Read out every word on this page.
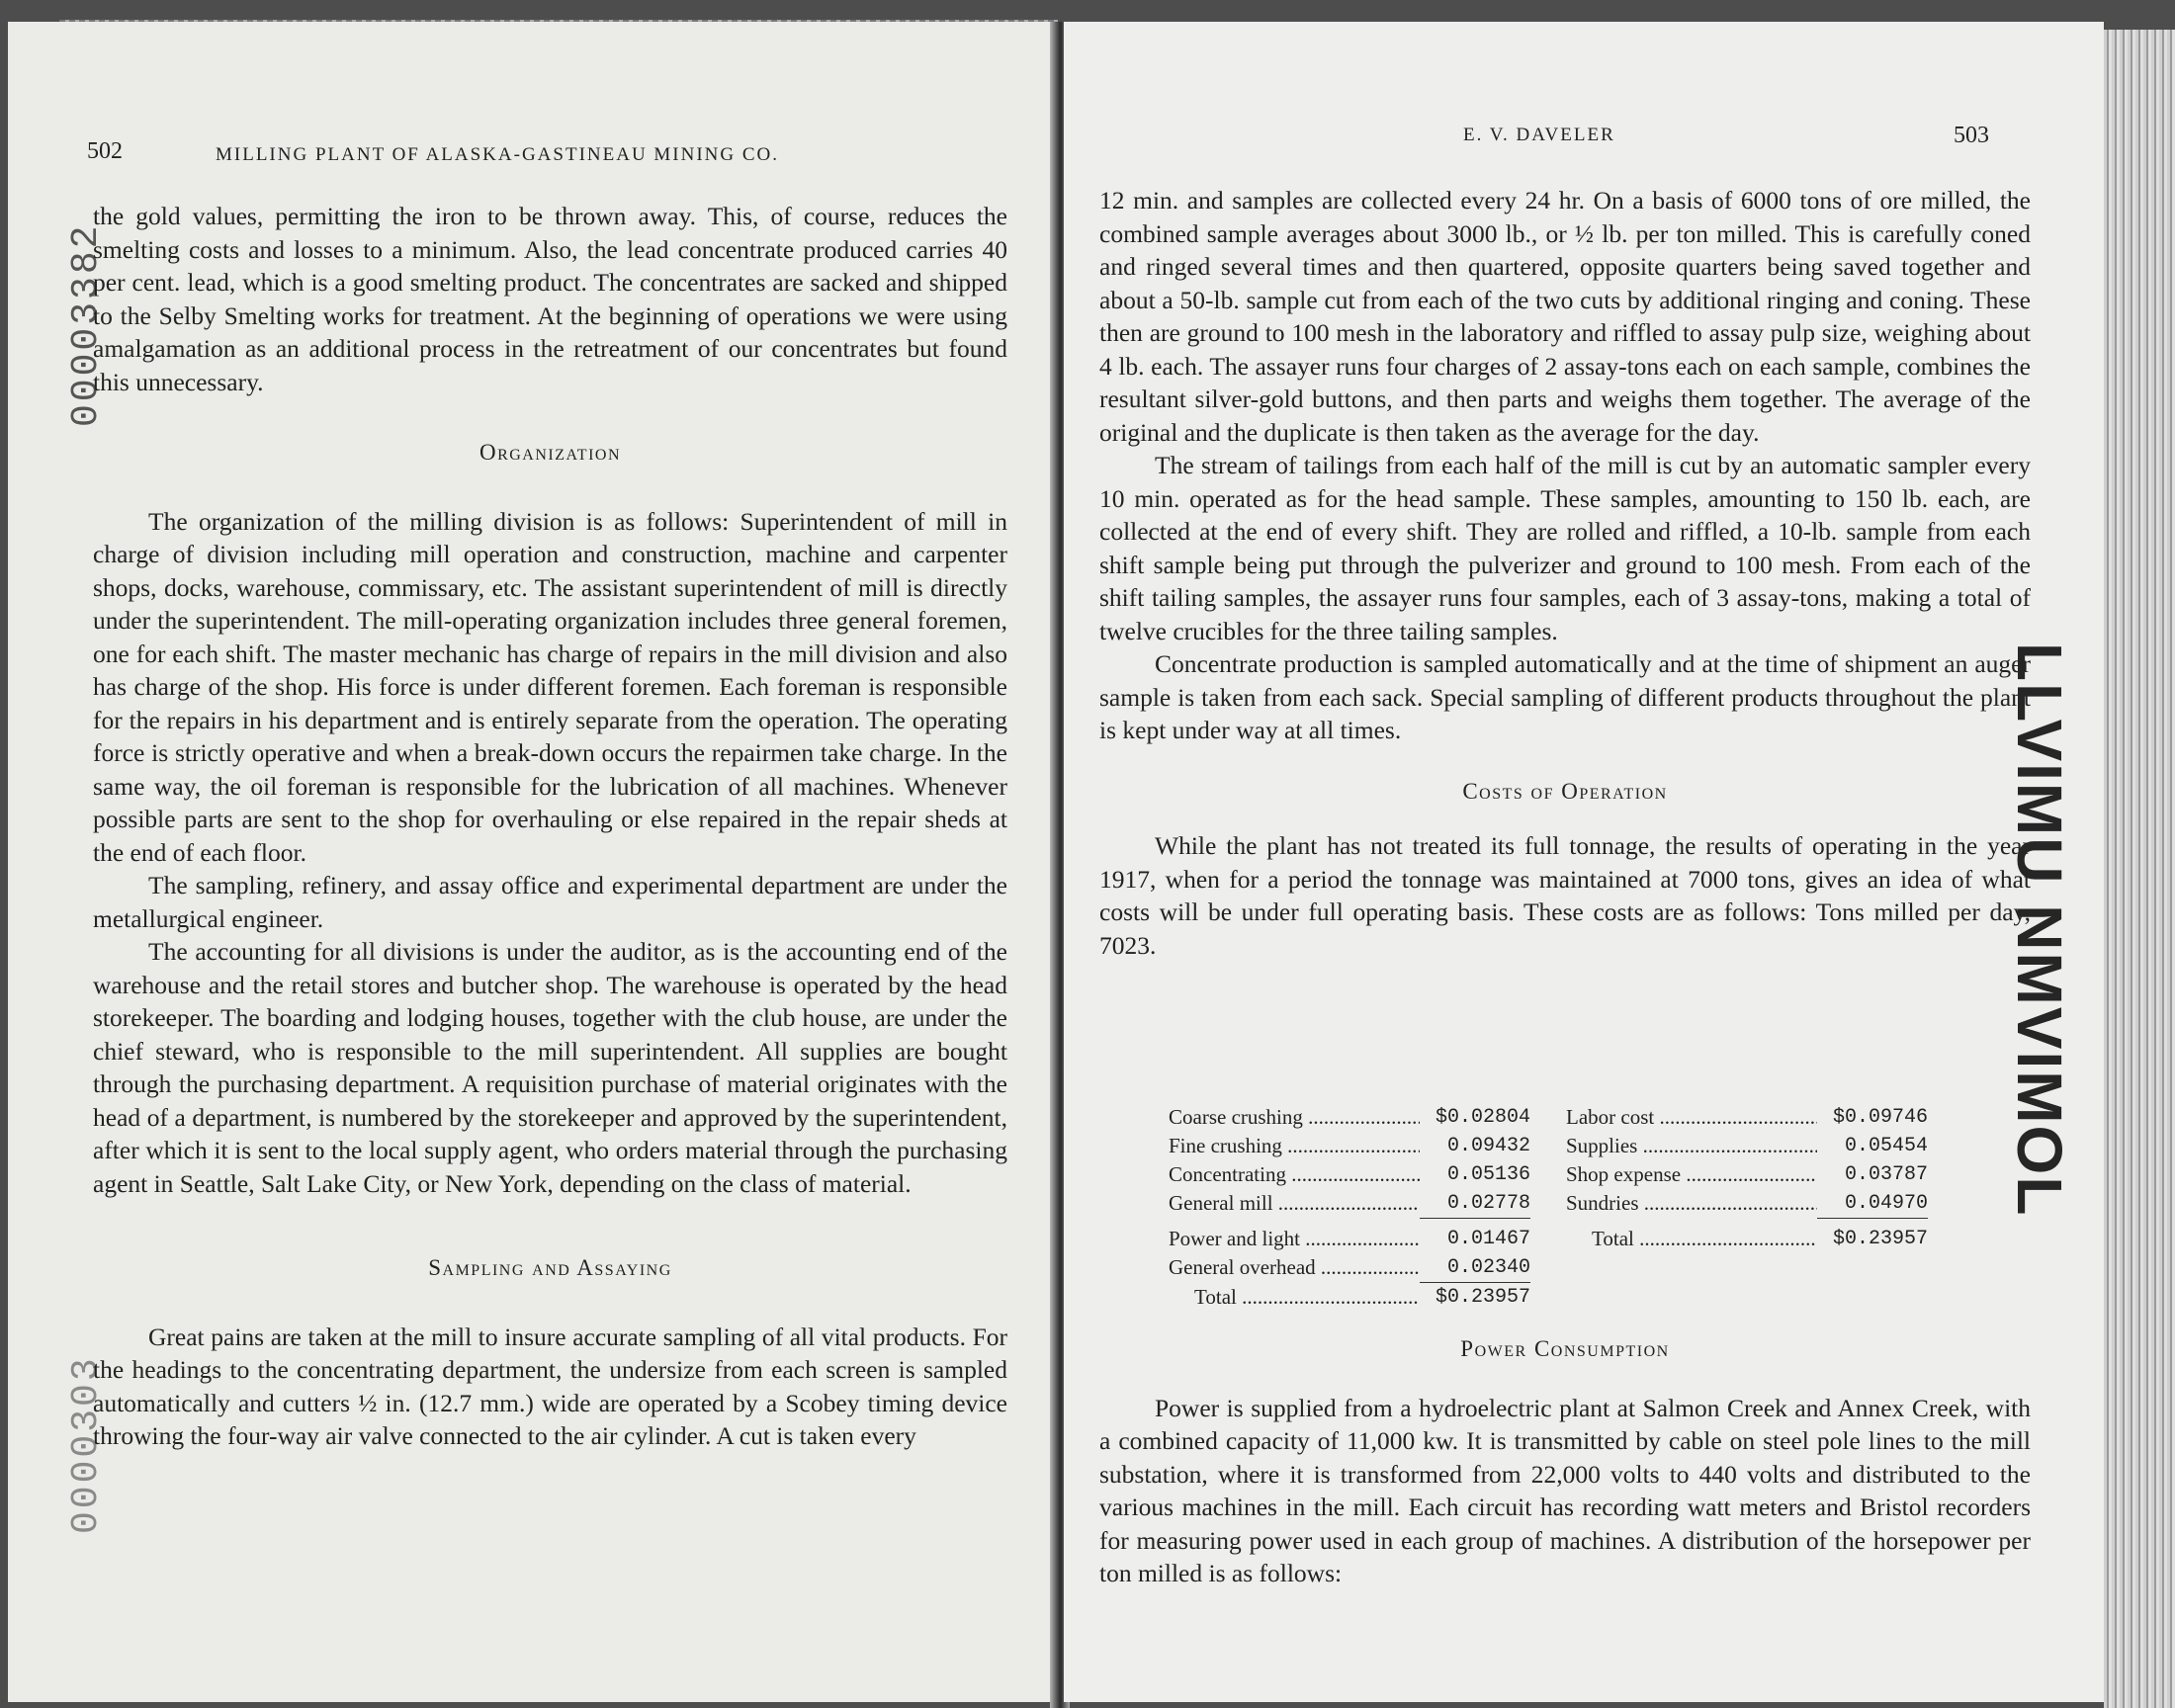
502	MILLING PLANT OF ALASKA-GASTINEAU MINING CO.
00003382
0000303

the gold values, permitting the iron to be thrown away. This, of course, reduces the smelting costs and losses to a minimum. Also, the lead concentrate produced carries 40 per cent. lead, which is a good smelting product. The concentrates are sacked and shipped to the Selby Smelting works for treatment. At the beginning of operations we were using amalgamation as an additional process in the retreatment of our concentrates but found this unnecessary.

Organization

The organization of the milling division is as follows: Superintendent of mill in charge of division including mill operation and construction, machine and carpenter shops, docks, warehouse, commissary, etc. The assistant superintendent of mill is directly under the superintendent. The mill-operating organization includes three general foremen, one for each shift. The master mechanic has charge of repairs in the mill division and also has charge of the shop. His force is under different foremen. Each foreman is responsible for the repairs in his department and is entirely separate from the operation. The operating force is strictly operative and when a break-down occurs the repairmen take charge. In the same way, the oil foreman is responsible for the lubrication of all machines. Whenever possible parts are sent to the shop for overhauling or else repaired in the repair sheds at the end of each floor.

The sampling, refinery, and assay office and experimental department are under the metallurgical engineer.

The accounting for all divisions is under the auditor, as is the accounting end of the warehouse and the retail stores and butcher shop. The warehouse is operated by the head storekeeper. The boarding and lodging houses, together with the club house, are under the chief steward, who is responsible to the mill superintendent. All supplies are bought through the purchasing department. A requisition purchase of material originates with the head of a department, is numbered by the storekeeper and approved by the superintendent, after which it is sent to the local supply agent, who orders material through the purchasing agent in Seattle, Salt Lake City, or New York, depending on the class of material.

Sampling and Assaying

Great pains are taken at the mill to insure accurate sampling of all vital products. For the headings to the concentrating department, the undersize from each screen is sampled automatically and cutters ½ in. (12.7 mm.) wide are operated by a Scobey timing device throwing the four-way air valve connected to the air cylinder. A cut is taken every

E. V. DAVELER	503

12 min. and samples are collected every 24 hr. On a basis of 6000 tons of ore milled, the combined sample averages about 3000 lb., or ½ lb. per ton milled. This is carefully coned and ringed several times and then quartered, opposite quarters being saved together and about a 50-lb. sample cut from each of the two cuts by additional ringing and coning. These then are ground to 100 mesh in the laboratory and riffled to assay pulp size, weighing about 4 lb. each. The assayer runs four charges of 2 assay-tons each on each sample, combines the resultant silver-gold buttons, and then parts and weighs them together. The average of the original and the duplicate is then taken as the average for the day.

The stream of tailings from each half of the mill is cut by an automatic sampler every 10 min. operated as for the head sample. These samples, amounting to 150 lb. each, are collected at the end of every shift. They are rolled and riffled, a 10-lb. sample from each shift sample being put through the pulverizer and ground to 100 mesh. From each of the shift tailing samples, the assayer runs four samples, each of 3 assay-tons, making a total of twelve crucibles for the three tailing samples.

Concentrate production is sampled automatically and at the time of shipment an auger sample is taken from each sack. Special sampling of different products throughout the plant is kept under way at all times.

Costs of Operation

While the plant has not treated its full tonnage, the results of operating in the year 1917, when for a period the tonnage was maintained at 7000 tons, gives an idea of what costs will be under full operating basis. These costs are as follows: Tons milled per day, 7023.

Coarse crushing .....	$0.02804
Fine crushing .....	0.09432
Concentrating .....	0.05136
General mill .....	0.02778
Power and light .....	0.01467
General overhead .....	0.02340
Total .....	$0.23957
Labor cost .....	$0.09746
Supplies .....	0.05454
Shop expense .....	0.03787
Sundries .....	0.04970
Total .....	$0.23957
Power Consumption

Power is supplied from a hydroelectric plant at Salmon Creek and Annex Creek, with a combined capacity of 11,000 kw. It is transmitted by cable on steel pole lines to the mill substation, where it is transformed from 22,000 volts to 440 volts and distributed to the various machines in the mill. Each circuit has recording watt meters and Bristol recorders for measuring power used in each group of machines. A distribution of the horsepower per ton milled is as follows:

LLVIMU NMVIMOL
